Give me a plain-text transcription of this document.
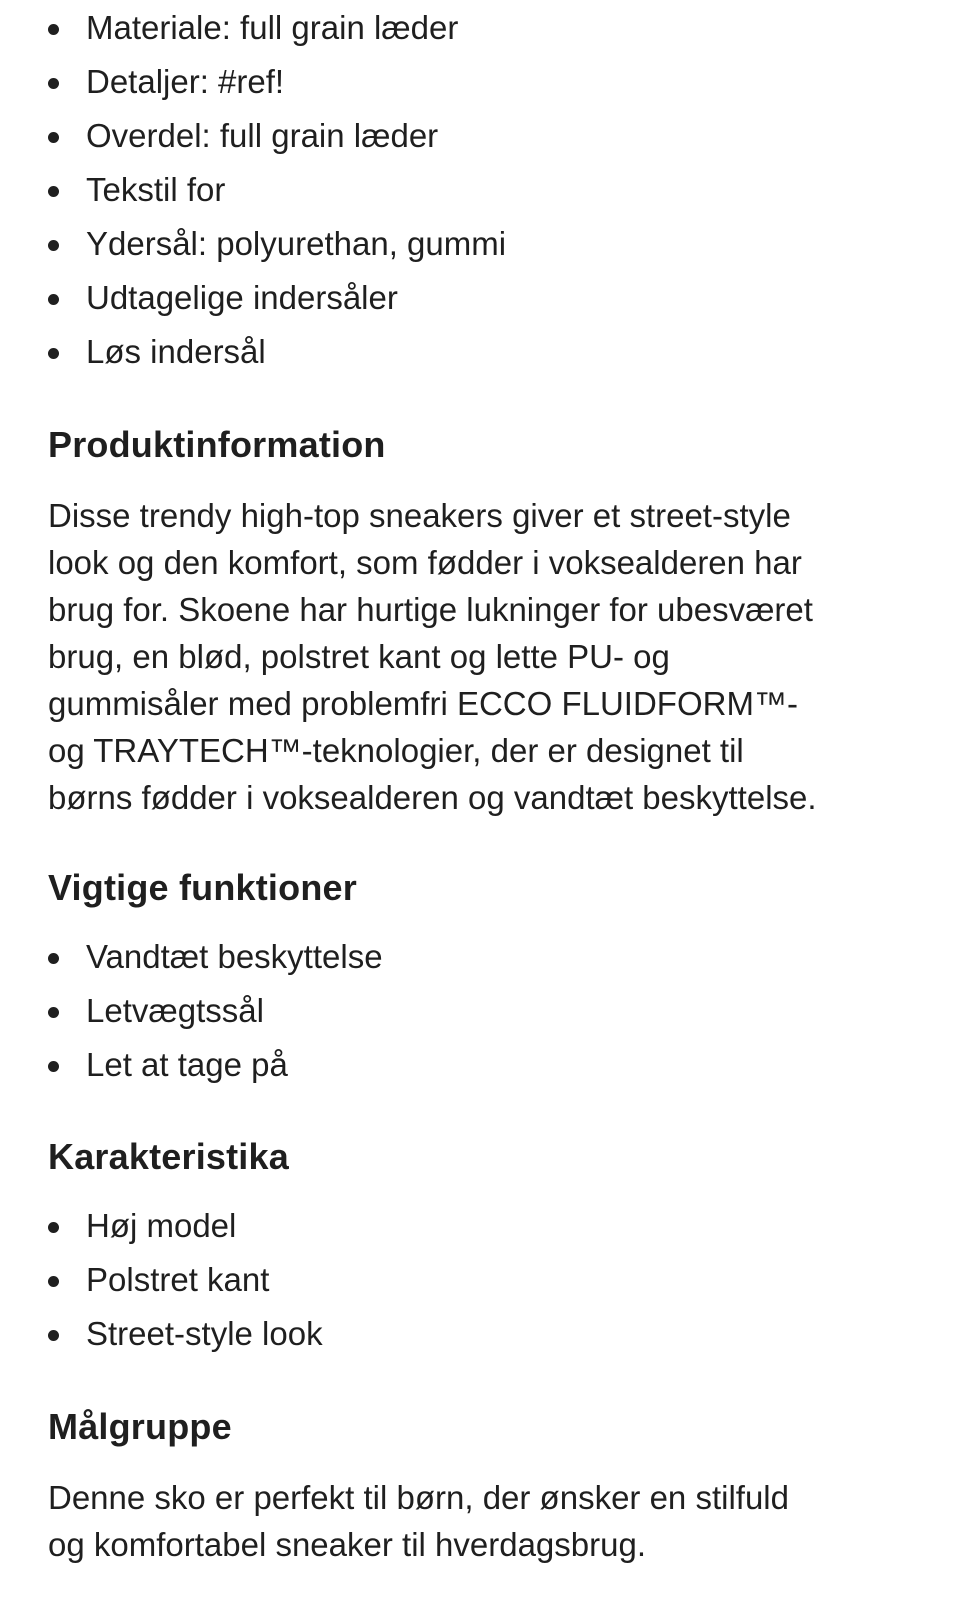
Materiale: full grain læder
Detaljer: #ref!
Overdel: full grain læder
Tekstil for
Ydersål: polyurethan, gummi
Udtagelige indersåler
Løs indersål
Produktinformation

Disse trendy high-top sneakers giver et street-style
look og den komfort, som fødder i voksealderen har
brug for. Skoene har hurtige lukninger for ubesværet
brug, en blød, polstret kant og lette PU- og
gummisåler med problemfri ECCO FLUIDFORM™-
og TRAYTECH™-teknologier, der er designet til
børns fødder i voksealderen og vandtæt beskyttelse.

Vigtige funktioner
Vandtæt beskyttelse
Letvægtssål
Let at tage på
Karakteristika
Høj model
Polstret kant
Street-style look
Målgruppe

Denne sko er perfekt til børn, der ønsker en stilfuld
og komfortabel sneaker til hverdagsbrug.
